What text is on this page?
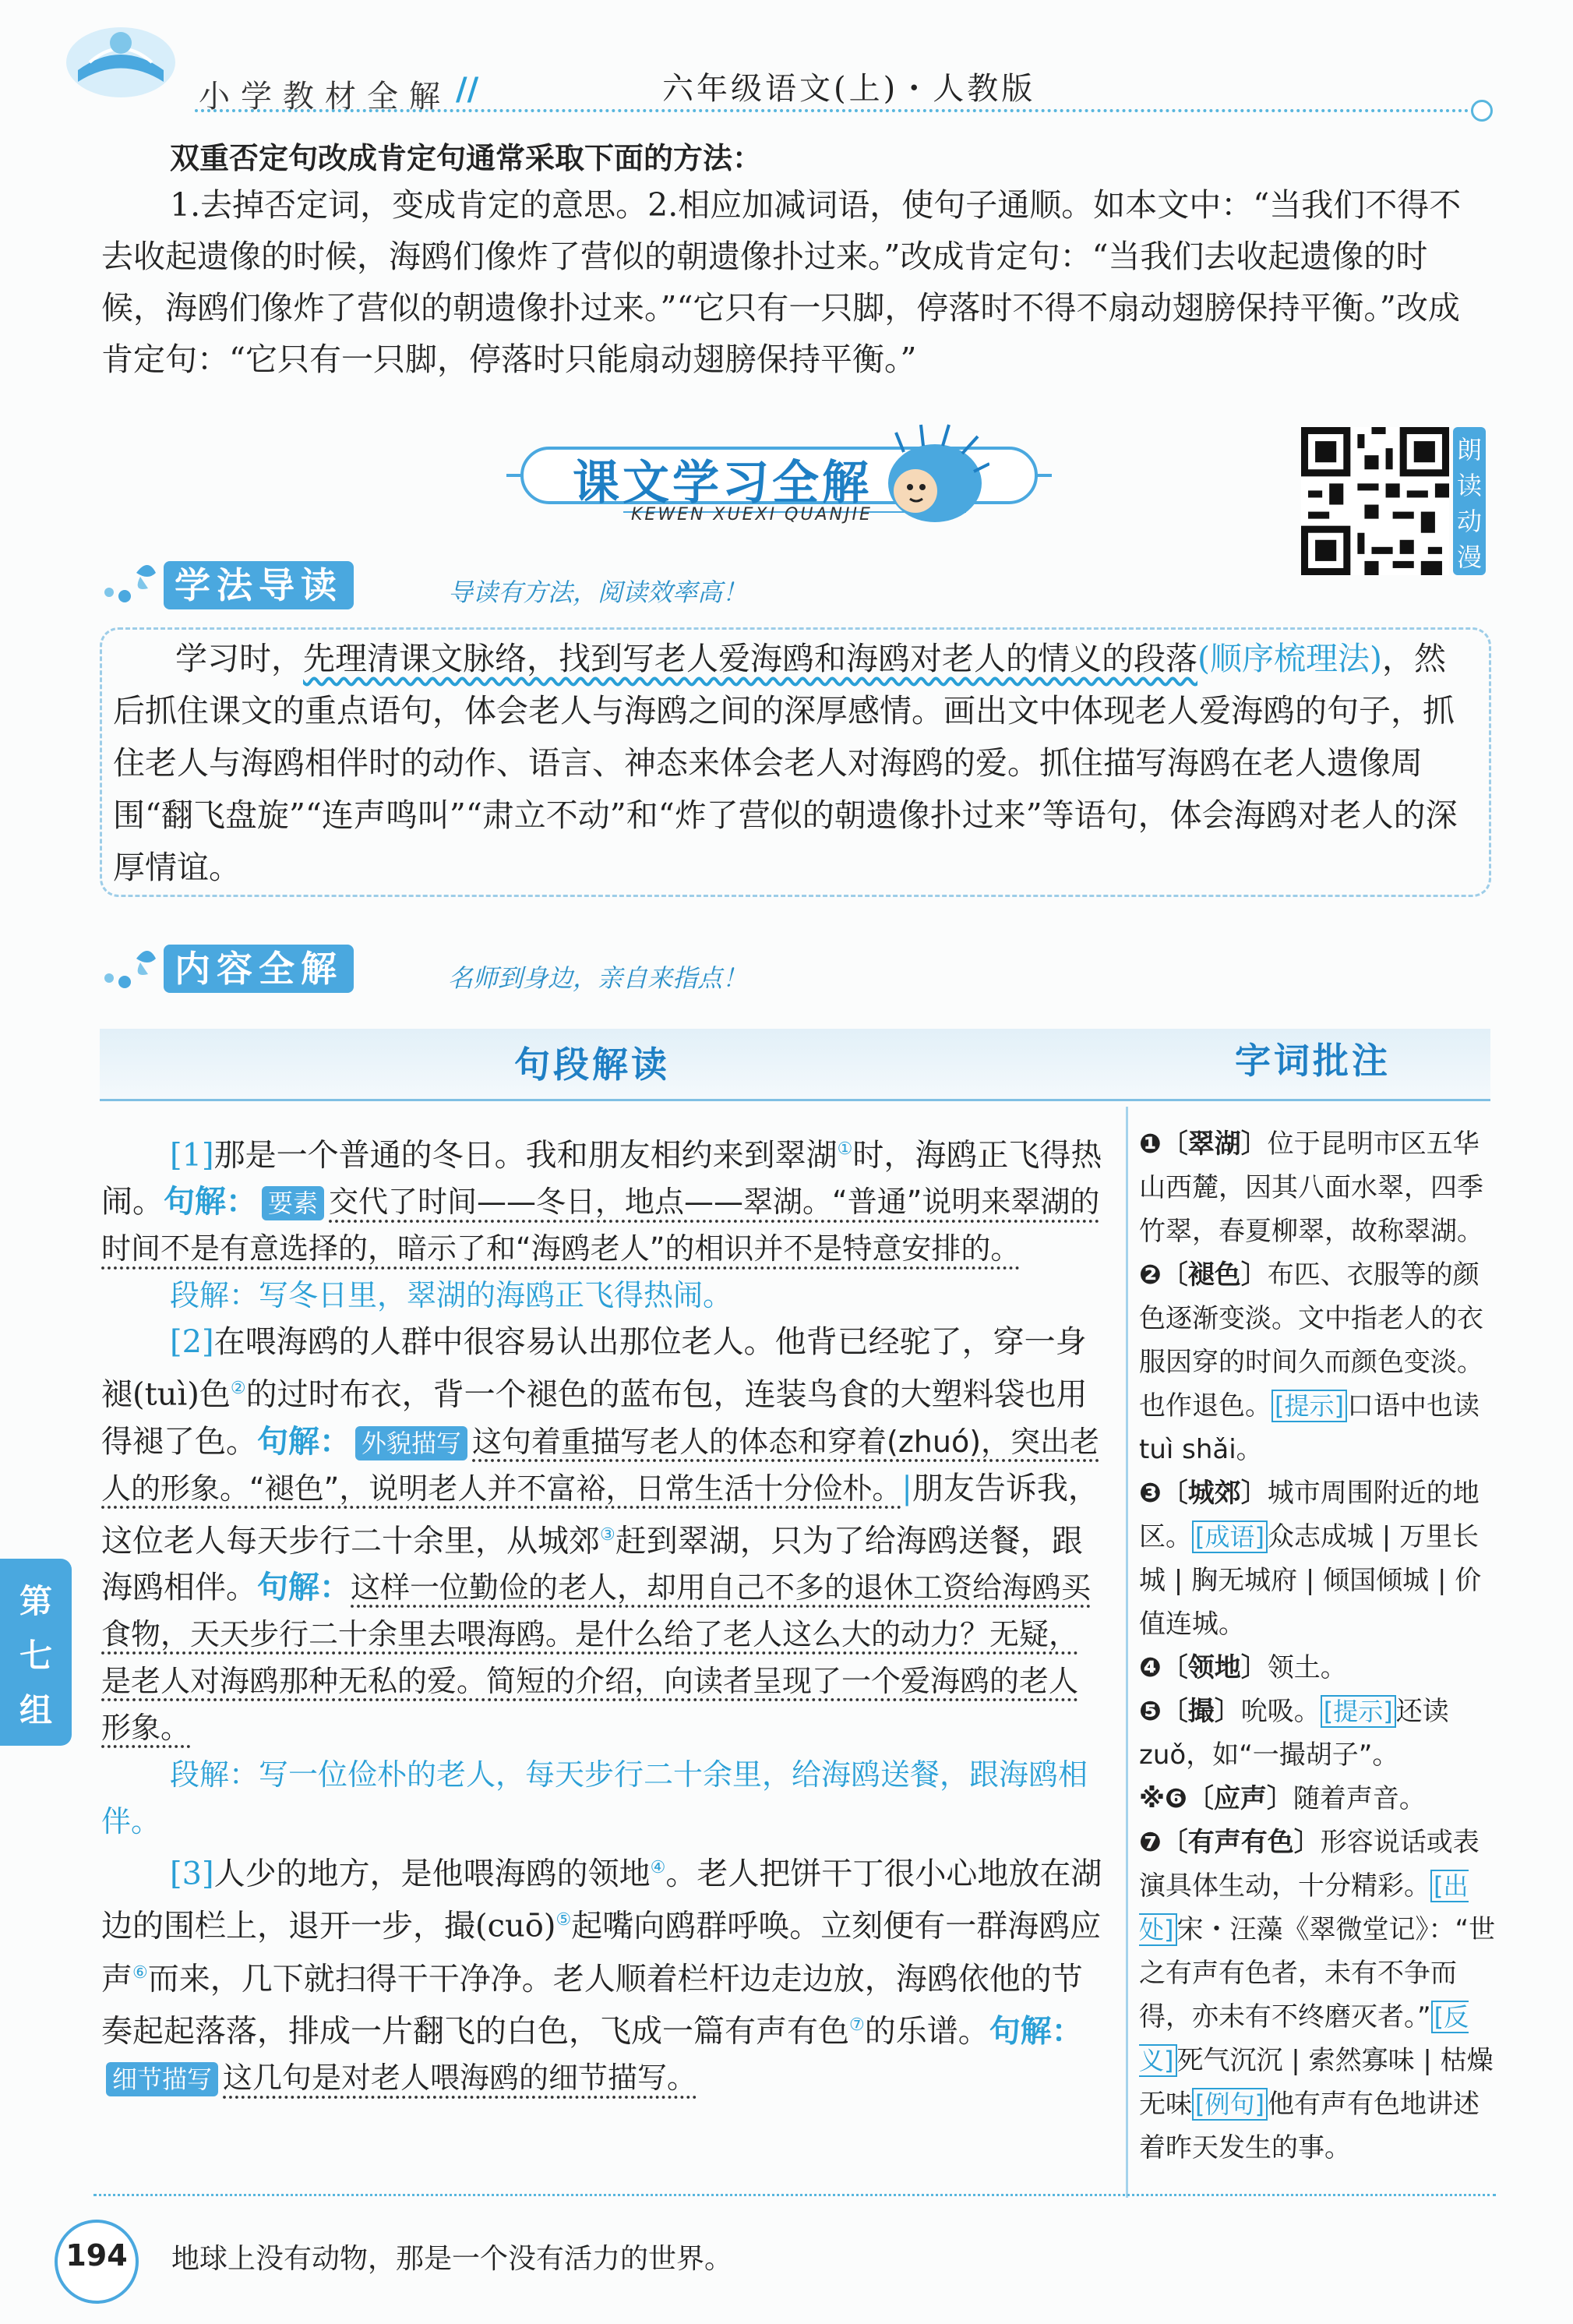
小学教材全解 //	六年级语文(上)・人教版
双重否定句改成肯定句通常采取下面的方法：
1.去掉否定词，变成肯定的意思。2.相应加减词语，使句子通顺。如本文中：“当我们不得不去收起遗像的时候，海鸥们像炸了营似的朝遗像扑过来。”改成肯定句：“当我们去收起遗像的时候，海鸥们像炸了营似的朝遗像扑过来。”“它只有一只脚，停落时不得不扇动翅膀保持平衡。”改成肯定句：“它只有一只脚，停落时只能扇动翅膀保持平衡。”
课文学习全解
KEWEN XUEXI QUANJIE
朗
读
动
漫
学法导读	导读有方法，阅读效率高！
学习时，先理清课文脉络，找到写老人爱海鸥和海鸥对老人的情义的段落(顺序梳理法)，然后抓住课文的重点语句，体会老人与海鸥之间的深厚感情。画出文中体现老人爱海鸥的句子，抓住老人与海鸥相伴时的动作、语言、神态来体会老人对海鸥的爱。抓住描写海鸥在老人遗像周围“翻飞盘旋”“连声鸣叫”“肃立不动”和“炸了营似的朝遗像扑过来”等语句，体会海鸥对老人的深厚情谊。
内容全解	名师到身边，亲自来指点！
句段解读	字词批注

[1]那是一个普通的冬日。我和朋友相约来到翠湖①时，海鸥正飞得热闹。句解： 要素 交代了时间——冬日，地点——翠湖。“普通”说明来翠湖的时间不是有意选择的，暗示了和“海鸥老人”的相识并不是特意安排的。

段解：写冬日里，翠湖的海鸥正飞得热闹。

[2]在喂海鸥的人群中很容易认出那位老人。他背已经驼了，穿一身褪(tuì)色②的过时布衣，背一个褪色的蓝布包，连装鸟食的大塑料袋也用得褪了色。句解： 外貌描写 这句着重描写老人的体态和穿着(zhuó)，突出老人的形象。“褪色”，说明老人并不富裕，日常生活十分俭朴。|朋友告诉我，这位老人每天步行二十余里，从城郊③赶到翠湖，只为了给海鸥送餐，跟海鸥相伴。句解：这样一位勤俭的老人，却用自己不多的退休工资给海鸥买食物，天天步行二十余里去喂海鸥。是什么给了老人这么大的动力？无疑，是老人对海鸥那种无私的爱。简短的介绍，向读者呈现了一个爱海鸥的老人形象。

段解：写一位俭朴的老人，每天步行二十余里，给海鸥送餐，跟海鸥相伴。

[3]人少的地方，是他喂海鸥的领地④。老人把饼干丁很小心地放在湖边的围栏上，退开一步，撮(cuō)⑤起嘴向鸥群呼唤。立刻便有一群海鸥应声⑥而来，几下就扫得干干净净。老人顺着栏杆边走边放，海鸥依他的节奏起起落落，排成一片翻飞的白色，飞成一篇有声有色⑦的乐谱。句解：细节描写 这几句是对老人喂海鸥的细节描写。

❶〔翠湖〕位于昆明市区五华山西麓，因其八面水翠，四季竹翠，春夏柳翠，故称翠湖。

❷〔褪色〕布匹、衣服等的颜色逐渐变淡。文中指老人的衣服因穿的时间久而颜色变淡。也作退色。 [提示] 口语中也读 tuì shǎi。

❸〔城郊〕城市周围附近的地区。 [成语] 众志成城 | 万里长城 | 胸无城府 | 倾国倾城 | 价值连城。

❹〔领地〕领土。

❺〔撮〕吮吸。 [提示] 还读 zuǒ，如“一撮胡子”。

※❻〔应声〕随着声音。

❼〔有声有色〕形容说话或表演具体生动，十分精彩。 [出处] 宋・汪藻《翠微堂记》：“世之有声有色者，未有不争而得，亦未有不终磨灭者。” [反义] 死气沉沉 | 索然寡味 | 枯燥无味 [例句] 他有声有色地讲述着昨天发生的事。

第
七
组
194	地球上没有动物，那是一个没有活力的世界。
